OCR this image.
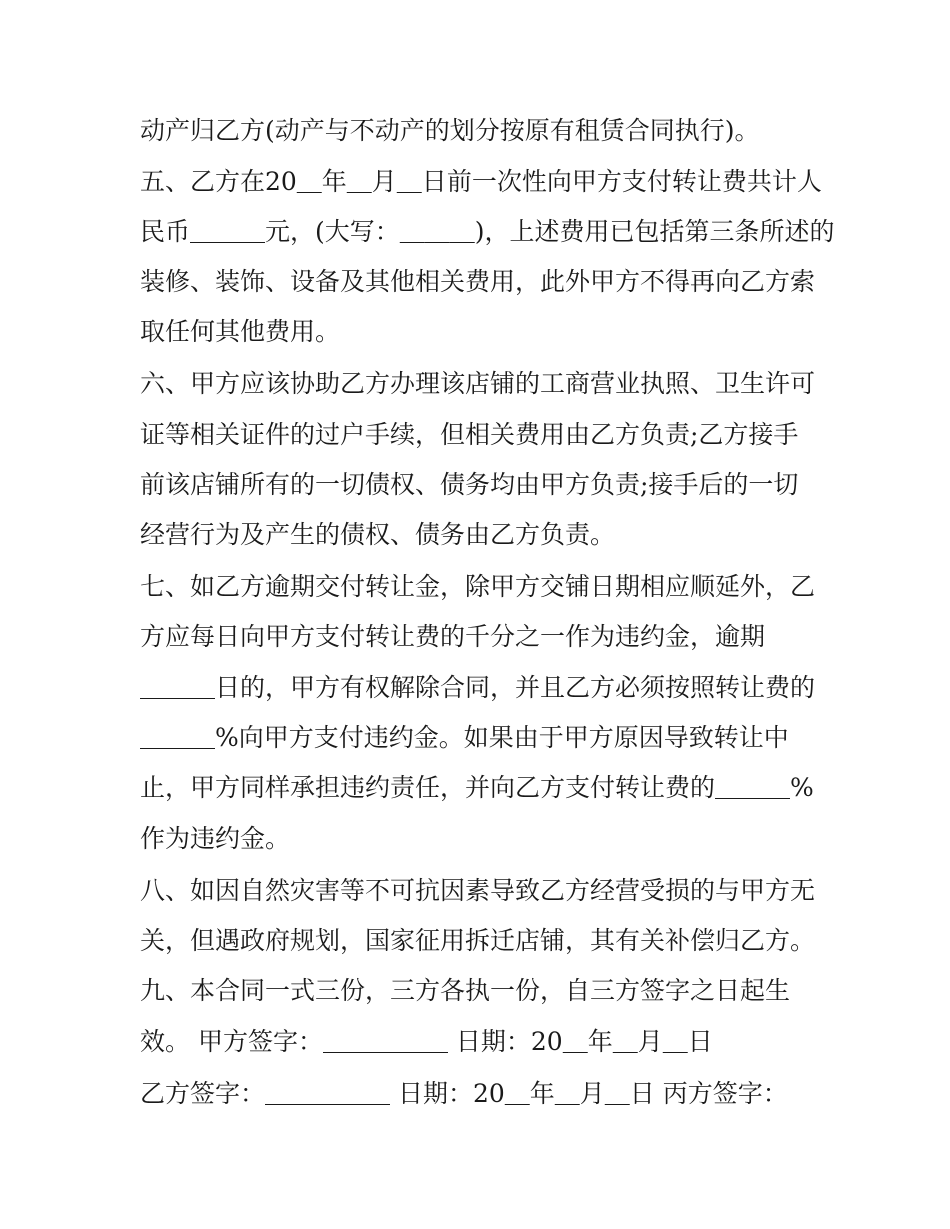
动产归乙方(动产与不动产的划分按原有租赁合同执行)。
五、乙方在20＿年＿月＿日前一次性向甲方支付转让费共计人
民币＿＿＿元，(大写：＿＿＿)，上述费用已包括第三条所述的
装修、装饰、设备及其他相关费用，此外甲方不得再向乙方索
取任何其他费用。
六、甲方应该协助乙方办理该店铺的工商营业执照、卫生许可
证等相关证件的过户手续，但相关费用由乙方负责;乙方接手
前该店铺所有的一切债权、债务均由甲方负责;接手后的一切
经营行为及产生的债权、债务由乙方负责。
七、如乙方逾期交付转让金，除甲方交铺日期相应顺延外，乙
方应每日向甲方支付转让费的千分之一作为违约金，逾期
＿＿＿日的，甲方有权解除合同，并且乙方必须按照转让费的
＿＿＿%向甲方支付违约金。如果由于甲方原因导致转让中
止，甲方同样承担违约责任，并向乙方支付转让费的＿＿＿%
作为违约金。
八、如因自然灾害等不可抗因素导致乙方经营受损的与甲方无
关，但遇政府规划，国家征用拆迁店铺，其有关补偿归乙方。
九、本合同一式三份，三方各执一份，自三方签字之日起生
效。 甲方签字：＿＿＿＿＿ 日期：20＿年＿月＿日
乙方签字：＿＿＿＿＿ 日期：20＿年＿月＿日 丙方签字：
